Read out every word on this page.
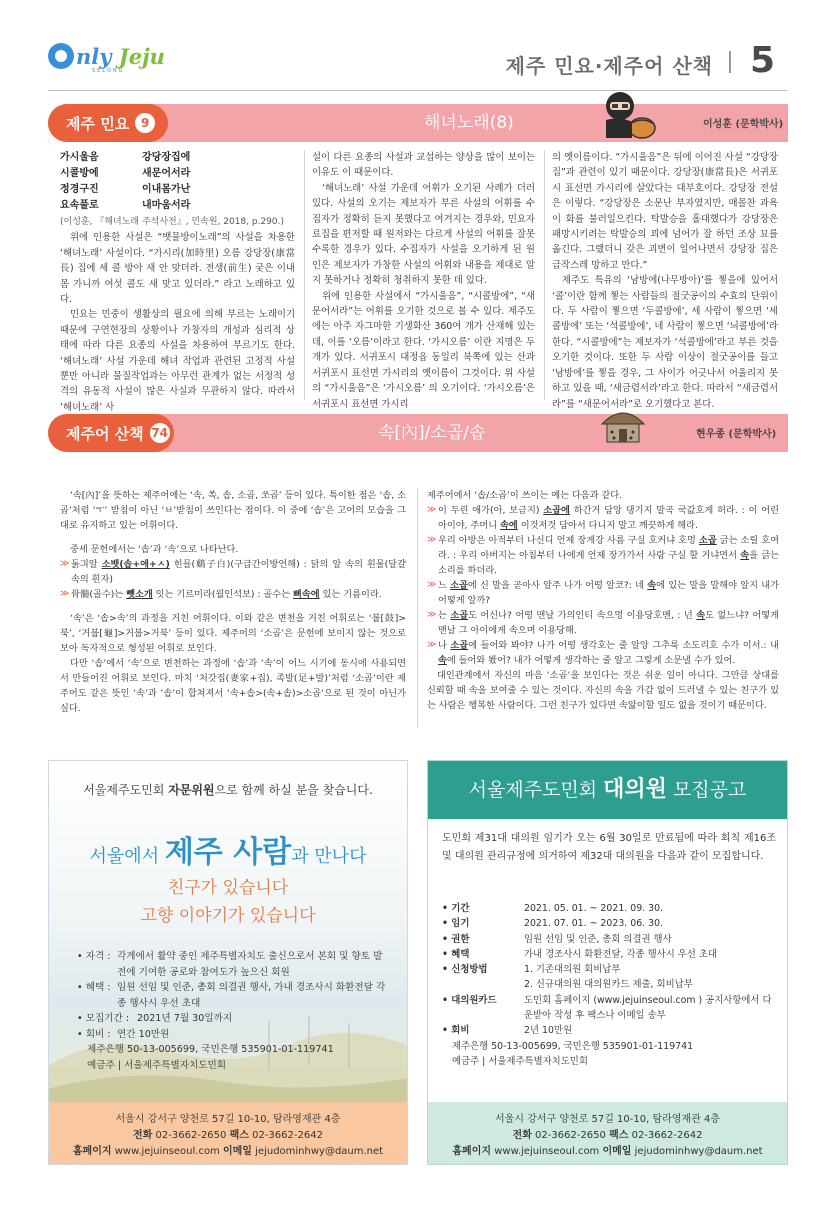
nly Jeju
SELONG	제주 민요·제주어 산책 5
제주 민요 9	해녀노래(8)	이성훈 (문학박사)
가시울음	강당장집에
시콜방에	새문어서라
정경구진	이내몸가난
요속풀로	내마움서라

(이성훈, 『해녀노래 주석사전』, 민속원, 2018, p.290.)

위에 인용한 사설은 “뱃물방이노래”의 사설을 차용한 ‘해녀노래’ 사설이다. “가시리(加時里) 오름 강당장(康當長) 집에 세 콜 방아 새 안 맞더라. 전생(前生) 궂은 이내 몸 가니까 여섯 콜도 새 맞고 있더라.” 라고 노래하고 있다.

민요는 민중이 생활상의 필요에 의해 부르는 노래이기 때문에 구연현장의 상황이나 가창자의 개성과 심리적 상태에 따라 다른 요종의 사설을 차용하여 부르기도 한다. ‘해녀노래’ 사설 가운데 해녀 작업과 관련된 고정적 사설뿐만 아니라 물질작업과는 아무런 관계가 없는 서정적 성격의 유동적 사설이 많은 사실과 무관하지 않다. 따라서 ‘해녀노래’ 사

설이 다른 요종의 사설과 교섭하는 양상을 많이 보이는 이유도 이 때문이다.

‘해녀노래’ 사설 가운데 어휘가 오기된 사례가 더러 있다. 사설의 오기는 제보자가 부른 사설의 어휘를 수집자가 정확히 듣지 못했다고 여겨지는 경우와, 민요자료집을 편저할 때 원저와는 다르게 사설의 어휘를 잘못 수록한 경우가 있다. 수집자가 사설을 오기하게 된 원인은 제보자가 가창한 사설의 어휘와 내용을 제대로 알지 못하거나 정확히 청취하지 못한 데 있다.

위에 인용한 사설에서 “가시울음”, “시콜방에”, “새문어서라”는 어휘를 오기한 것으로 볼 수 있다. 제주도에는 아주 자그마한 기생화산 360여 개가 산재해 있는데, 이를 ‘오름’이라고 한다. ‘가시오름’ 이란 지명은 두 개가 있다. 서귀포시 대정읍 동일리 북쪽에 있는 산과 서귀포시 표선면 가시리의 옛이름이 그것이다. 위 사설의 “가시울음”은 ‘가시오름’ 의 오기이다. ‘가시오름’은 서귀포시 표선면 가시리

의 옛이름이다. “가시울음”은 뒤에 이어진 사설 “강당장집”과 관련이 있기 때문이다. 강당장(康當長)은 서귀포시 표선면 가시리에 살았다는 대부호이다. 강당장 전설은 이렇다. “강당장은 소문난 부자였지만, 매몰찬 과욕이 화를 불러일으킨다. 탁발승을 홀대했다가 강당장은 패망시키려는 탁발승의 꾀에 넘어가 잘 하던 조상 묘를 옮긴다. 그랬더니 갖은 괴변이 일어나면서 강당장 집은 급작스레 망하고 만다.”

제주도 특유의 ‘남방에(나무방아)’를 찧을에 있어서 ‘콜’이란 함께 찧는 사람들의 절굿공이의 수효의 단위이다. 두 사람이 찧으면 ‘두콜방에’, 세 사람이 찧으면 ‘세콜방에’ 또는 ‘석콜방에’, 네 사람이 찧으면 ‘늬콜방에’라 한다. “시콜방에”는 제보자가 ‘석콜방에’라고 부른 것을 오기한 것이다. 또한 두 사람 이상이 절굿공이를 들고 ‘남방에’를 찧을 경우, 그 사이가 어긋나서 어울리지 못하고 있을 때, ‘새금렴서라’라고 한다. 따라서 “새금렴서라”를 “새문어서라”로 오기했다고 본다.

제주어 산책 74	속[內]/소곱/솝	현우종 (문학박사)

‘속[內]’을 뜻하는 제주어에는 ‘속, 쏙, 솝, 소곱, 쏘곱’ 등이 있다. 특이한 점은 ‘솝, 소곱’처럼 ‘ㅜ’ 받침이 아닌 ‘ㅂ’받침이 쓰인다는 점이다. 이 중에 ‘솝’은 고어의 모습을 그대로 유지하고 있는 어휘이다.

중세 문헌에서는 ‘솝’과 ‘속’으로 나타난다.

≫ 둙긔알 소뱃(솝+애+ㅅ) 힌믈(鷄子白)(구급간이방언해) : 닭의 알 속의 흰물(달걀 속의 흰자)

≫ 骨髓(골수)는 뼷소개 잇는 기르미라(월인석보) : 골수는 뼈속에 있는 기름이라.

‘속’은 ‘솝>속’의 과정을 거친 어휘이다. 이와 같은 변천을 거친 어휘로는 ‘붑[鼓]>북’, ‘거붑[龜]>거붑>거북’ 등이 있다. 제주어의 ‘소곱’은 문헌에 보이지 않는 것으로 보아 독자적으로 형성된 어휘로 보인다.

다만 ‘솝’에서 ‘속’으로 변천하는 과정에 ‘솝’과 ‘속’이 어느 시기에 동시에 사용되면서 만들어진 어휘로 보인다. 마치 ‘처갓집(妻家+집), 족발(足+발)’처럼 ‘소곱’이란 제주어도 같은 뜻인 ‘속’과 ‘솝’이 합쳐져서 ‘속+솝>(속+솝)>소곱’으로 된 것이 아닌가 싶다.

제주어에서 ‘솝/소곱’이 쓰이는 예는 다음과 같다.

≫ 이 두린 애가(아, 보금지) 소곱에 하간거 담앙 댕기지 말곡 국값호게 허라. : 이 어린 아이야, 주머니 속에 이것저것 담아서 다니지 말고 깨끗하게 해라.

≫ 우리 아방은 아적부터 나신디 언제 장게강 사름 구실 호커냐 호멍 소곱 긁는 소릴 호여라. : 우리 아버지는 아침부터 나에게 언제 장가가서 사람 구실 할 거냐면서 속을 긁는 소리를 하더라.

≫ 느 소곱에 신 말을 곧아사 알주 나가 어떵 알코?: 네 속에 있는 말을 말해야 알지 내가 어떻게 알까?

≫ 는 소곱도 어신나? 어떵 맨날 가의인티 속으멍 이용당호멘, : 넌 속도 없느냐? 어떻게 맨날 그 아이에게 속으며 이용당해.

≫ 나 소곱에 들어와 봐야? 나가 어떵 생각호는 줄 알앙 그추룩 소도리호 수가 이서.: 내 속에 들어와 봤어? 내가 어떻게 생각하는 줄 알고 그렇게 소문낼 수가 있어.

대인관계에서 자신의 마음 ‘소곱’을 보인다는 것은 쉬운 일이 아니다. 그만큼 상대를 신뢰할 때 속을 보여줄 수 있는 것이다. 자신의 속을 가감 없이 드러낼 수 있는 친구가 있는 사람은 행복한 사람이다. 그런 친구가 있다면 속앓이할 일도 없을 것이기 때문이다.

서울제주도민회 자문위원으로 함께 하실 분을 찾습니다.
서울에서 제주 사람과 만나다
친구가 있습니다
고향 이야기가 있습니다
• 자격 : 각계에서 활약 중인 제주특별자치도 출신으로서 본회 및 향토 발전에 기여한 공로와 참여도가 높으신 회원
• 혜택 : 임원 선임 및 인준, 총회 의결권 행사, 가내 경조사시 화환전달 각종 행사시 우선 초대
• 모집기간 : 2021년 7월 30일까지
• 회비 : 연간 10만원
제주은행 50-13-005699, 국민은행 535901-01-119741
예금주 | 서울제주특별자치도민회
서울시 강서구 양천로 57길 10-10, 탐라영재관 4층
전화 02-3662-2650 팩스 02-3662-2642
홈페이지 www.jejuinseoul.com 이메일 jejudominhwy@daum.net
서울제주도민회 대의원 모집공고
도민회 제31대 대의원 임기가 오는 6월 30일로 만료됨에 따라 회칙 제16조 및 대의원 관리규정에 의거하여 제32대 대의원을 다음과 같이 모집합니다.
• 기간	2021. 05. 01. ~ 2021. 09. 30.
• 임기	2021. 07. 01. ~ 2023. 06. 30.
• 권한	임원 선임 및 인준, 총회 의결권 행사
• 혜택	가내 경조사시 화환전달, 각종 행사시 우선 초대
• 신청방법	1. 기존대의원 회비납부
2. 신규대의원 대의원카드 제출, 회비납부
• 대의원카드	도민회 홈페이지 (www.jejuinseoul.com ) 공지사항에서 다운받아 작성 후 팩스나 이메일 송부
• 회비	2년 10만원
제주은행 50-13-005699, 국민은행 535901-01-119741
예금주 | 서울제주특별자치도민회
서울시 강서구 양천로 57길 10-10, 탐라영재관 4층
전화 02-3662-2650 팩스 02-3662-2642
홈페이지 www.jejuinseoul.com 이메일 jejudominhwy@daum.net
